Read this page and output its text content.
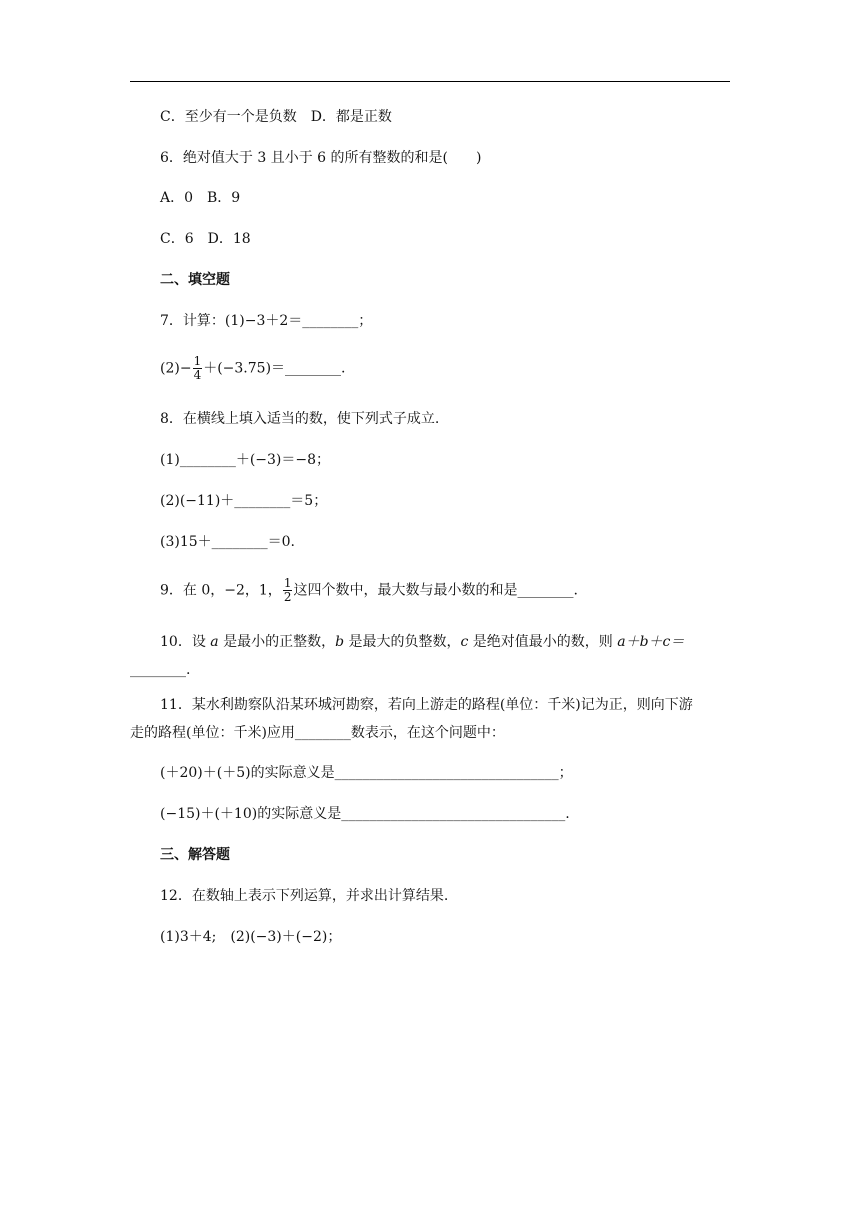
C．至少有一个是负数　D．都是正数
6．绝对值大于 3 且小于 6 的所有整数的和是(　　)
A．0　B．9
C．6　D．18
二、填空题
7．计算：(1)−3＋2＝________；
$(2)- \frac{1}{4}$ ＋(−3.75)＝________.
8．在横线上填入适当的数，使下列式子成立.
(1)________＋(−3)＝−8；
(2)(−11)＋________＝5；
(3)15＋________＝0.
9．在 0，−2，1， $\frac{1}{2}$ 这四个数中，最大数与最小数的和是________.
10．设 a 是最小的正整数，b 是最大的负整数，c 是绝对值最小的数，则 a＋b＋c＝
________.
11．某水利勘察队沿某环城河勘察，若向上游走的路程(单位：千米)记为正，则向下游
走的路程(单位：千米)应用________数表示，在这个问题中：
(＋20)＋(＋5)的实际意义是________________________________；
(−15)＋(＋10)的实际意义是________________________________.
三、解答题
12．在数轴上表示下列运算，并求出计算结果.
(1)3＋4;　(2)(−3)＋(−2)；
